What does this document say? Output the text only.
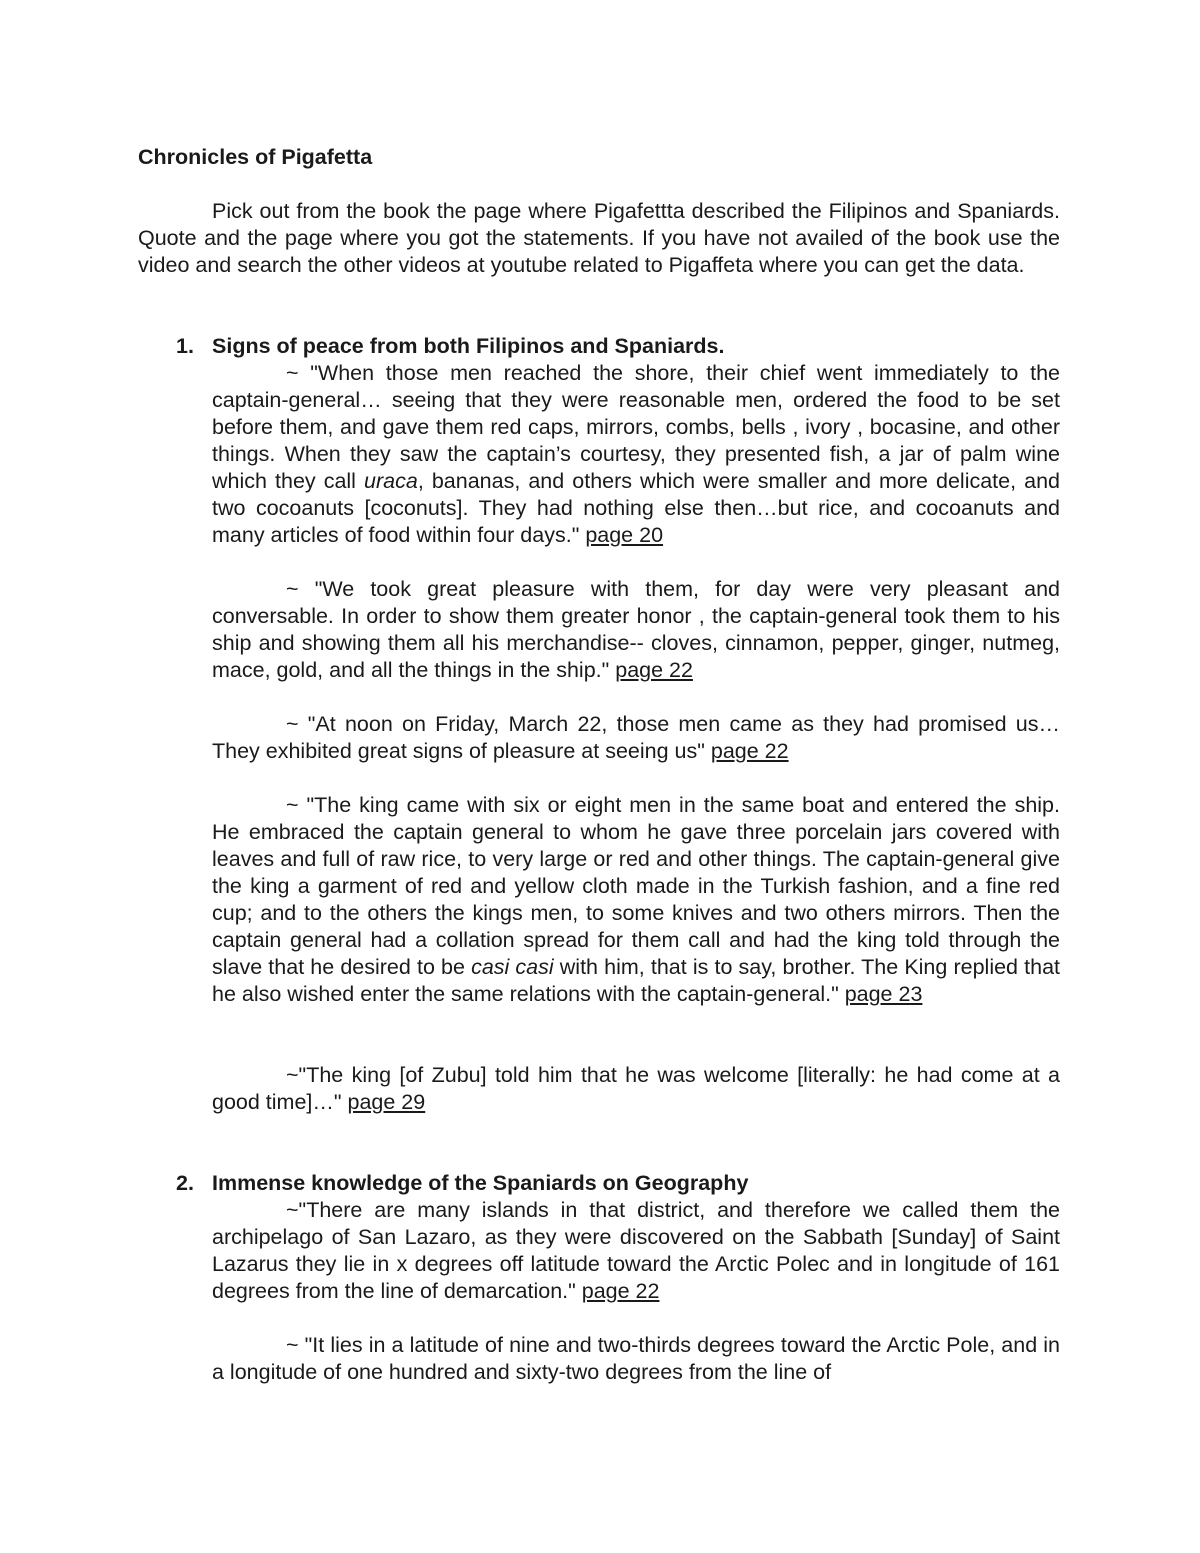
Chronicles of Pigafetta

Pick out from the book the page where Pigafettta described the Filipinos and Spaniards. Quote and the page where you got the statements. If you have not availed of the book use the video and search the other videos at youtube related to Pigaffeta where you can get the data.

1. Signs of peace from both Filipinos and Spaniards.

~ "When those men reached the shore, their chief went immediately to the captain-general… seeing that they were reasonable men, ordered the food to be set before them, and gave them red caps, mirrors, combs, bells , ivory , bocasine, and other things. When they saw the captain’s courtesy, they presented fish, a jar of palm wine which they call uraca, bananas, and others which were smaller and more delicate, and two cocoanuts [coconuts]. They had nothing else then…but rice, and cocoanuts and many articles of food within four days." page 20

~ "We took great pleasure with them, for day were very pleasant and conversable. In order to show them greater honor , the captain-general took them to his ship and showing them all his merchandise-- cloves, cinnamon, pepper, ginger, nutmeg, mace, gold, and all the things in the ship." page 22

~ "At noon on Friday, March 22, those men came as they had promised us… They exhibited great signs of pleasure at seeing us" page 22

~ "The king came with six or eight men in the same boat and entered the ship. He embraced the captain general to whom he gave three porcelain jars covered with leaves and full of raw rice, to very large or red and other things. The captain-general give the king a garment of red and yellow cloth made in the Turkish fashion, and a fine red cup; and to the others the kings men, to some knives and two others mirrors. Then the captain general had a collation spread for them call and had the king told through the slave that he desired to be casi casi with him, that is to say, brother. The King replied that he also wished enter the same relations with the captain-general." page 23

~"The king [of Zubu] told him that he was welcome [literally: he had come at a good time]…" page 29

2. Immense knowledge of the Spaniards on Geography

~"There are many islands in that district, and therefore we called them the archipelago of San Lazaro, as they were discovered on the Sabbath [Sunday] of Saint Lazarus they lie in x degrees off latitude toward the Arctic Polec and in longitude of 161 degrees from the line of demarcation." page 22

~ "It lies in a latitude of nine and two-thirds degrees toward the Arctic Pole, and in a longitude of one hundred and sixty-two degrees from the line of
